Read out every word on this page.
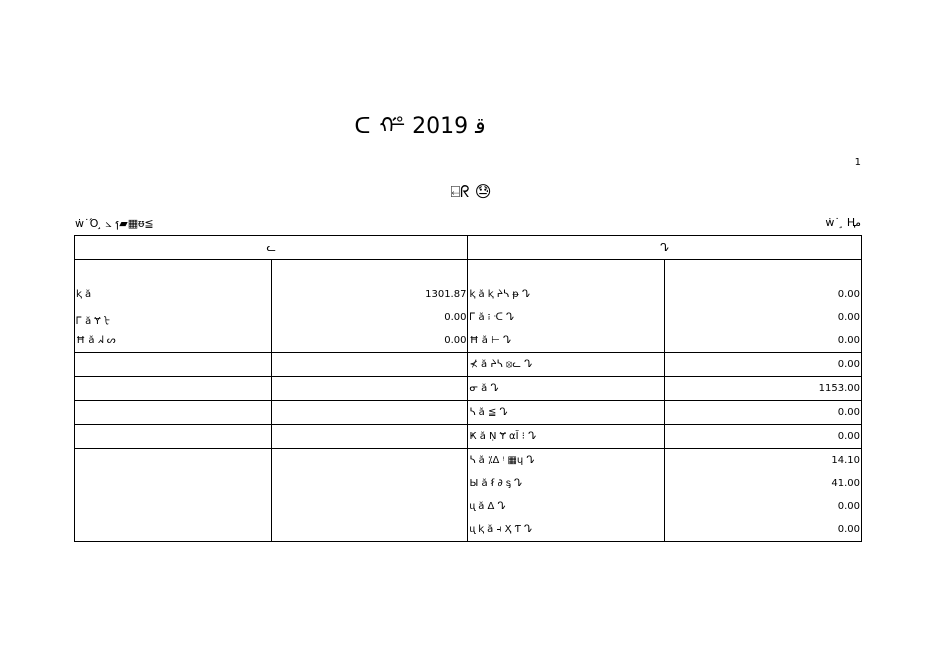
ᑕ ᢚ 2019 ﻗ
1
⍇ᖇ 😓
ẇ˙Ό ̧ ⦣ ⳕ▰▦ᵿ≦	ẇ˙ ̧ Ⱨﻣ
ᓚ		ᖊ	

ⱪ ă	1301.87	ⱪ ă ⱪ ᔨᓴ ᵽ ᖊ	0.00
Ꮁ ă Ɏ ᡶ	0.00	Ꮁ ă ፧ ᑡ ᖊ	0.00
Ħ ă ᖽ ᔕ	0.00	Ħ ă ⊢ ᖊ	0.00
		⊀ ă ᔨᓴ ⦻ᓚ ᖊ	0.00
		ᓂ ă ᖊ	1153.00
		ᓴ ă ≦ ᖊ	0.00
		Ҝ ă Ṇ Ɏ ⍺Ĭ ⁝ ᖊ	0.00
		ᓴ ă ⁒Δ ᵎ ▦ɥ ᖊ	14.10
		Ы ă ẜ ∂ ᶊ ᖊ	41.00
		ᶙ ă Δ ᖊ	0.00
		ᶙ ⱪ ă ⫞ Ҳ Ƭ ᖊ	0.00
